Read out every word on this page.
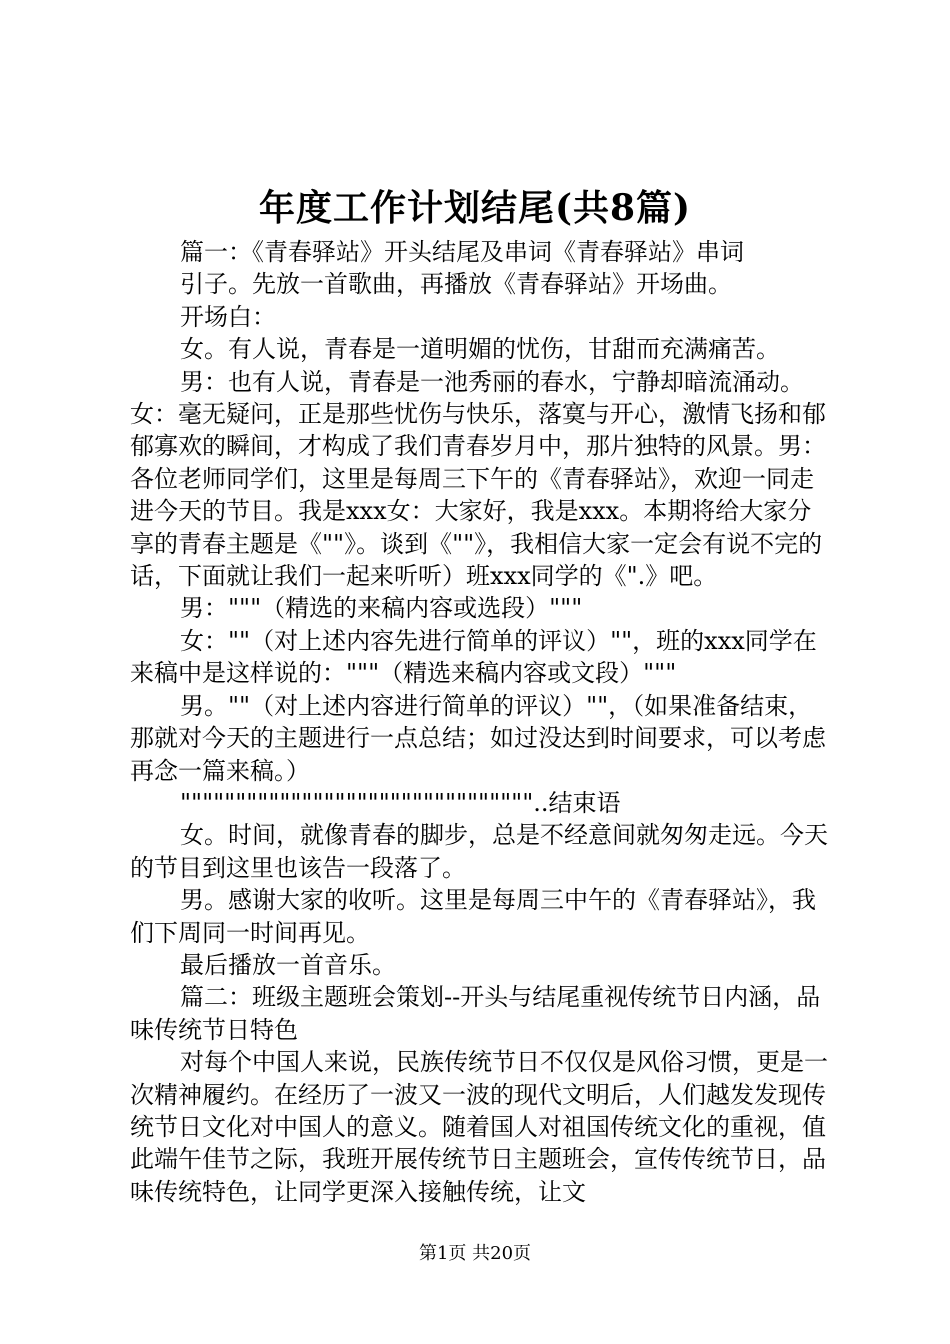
年度工作计划结尾(共8篇)

篇一：《青春驿站》开头结尾及串词《青春驿站》串词

引子。先放一首歌曲，再播放《青春驿站》开场曲。

开场白：

女。有人说，青春是一道明媚的忧伤，甘甜而充满痛苦。

男：也有人说，青春是一池秀丽的春水，宁静却暗流涌动。女：毫无疑问，正是那些忧伤与快乐，落寞与开心，激情飞扬和郁郁寡欢的瞬间，才构成了我们青春岁月中，那片独特的风景。男：各位老师同学们，这里是每周三下午的《青春驿站》，欢迎一同走进今天的节目。我是xxx女：大家好，我是xxx。本期将给大家分享的青春主题是《""》。谈到《""》，我相信大家一定会有说不完的话，下面就让我们一起来听听）班xxx同学的《".》吧。

男："""（精选的来稿内容或选段）"""

女：""（对上述内容先进行简单的评议）""，班的xxx同学在来稿中是这样说的："""（精选来稿内容或文段）"""

男。""（对上述内容进行简单的评议）""，（如果准备结束，那就对今天的主题进行一点总结；如过没达到时间要求，可以考虑再念一篇来稿。）

""""""""""""""""""""""""""""""""..结束语

女。时间，就像青春的脚步，总是不经意间就匆匆走远。今天的节目到这里也该告一段落了。

男。感谢大家的收听。这里是每周三中午的《青春驿站》，我们下周同一时间再见。

最后播放一首音乐。

篇二：班级主题班会策划--开头与结尾重视传统节日内涵，品味传统节日特色

对每个中国人来说，民族传统节日不仅仅是风俗习惯，更是一次精神履约。在经历了一波又一波的现代文明后，人们越发发现传统节日文化对中国人的意义。随着国人对祖国传统文化的重视，值此端午佳节之际，我班开展传统节日主题班会，宣传传统节日，品味传统特色，让同学更深入接触传统，让文

第1页 共20页
